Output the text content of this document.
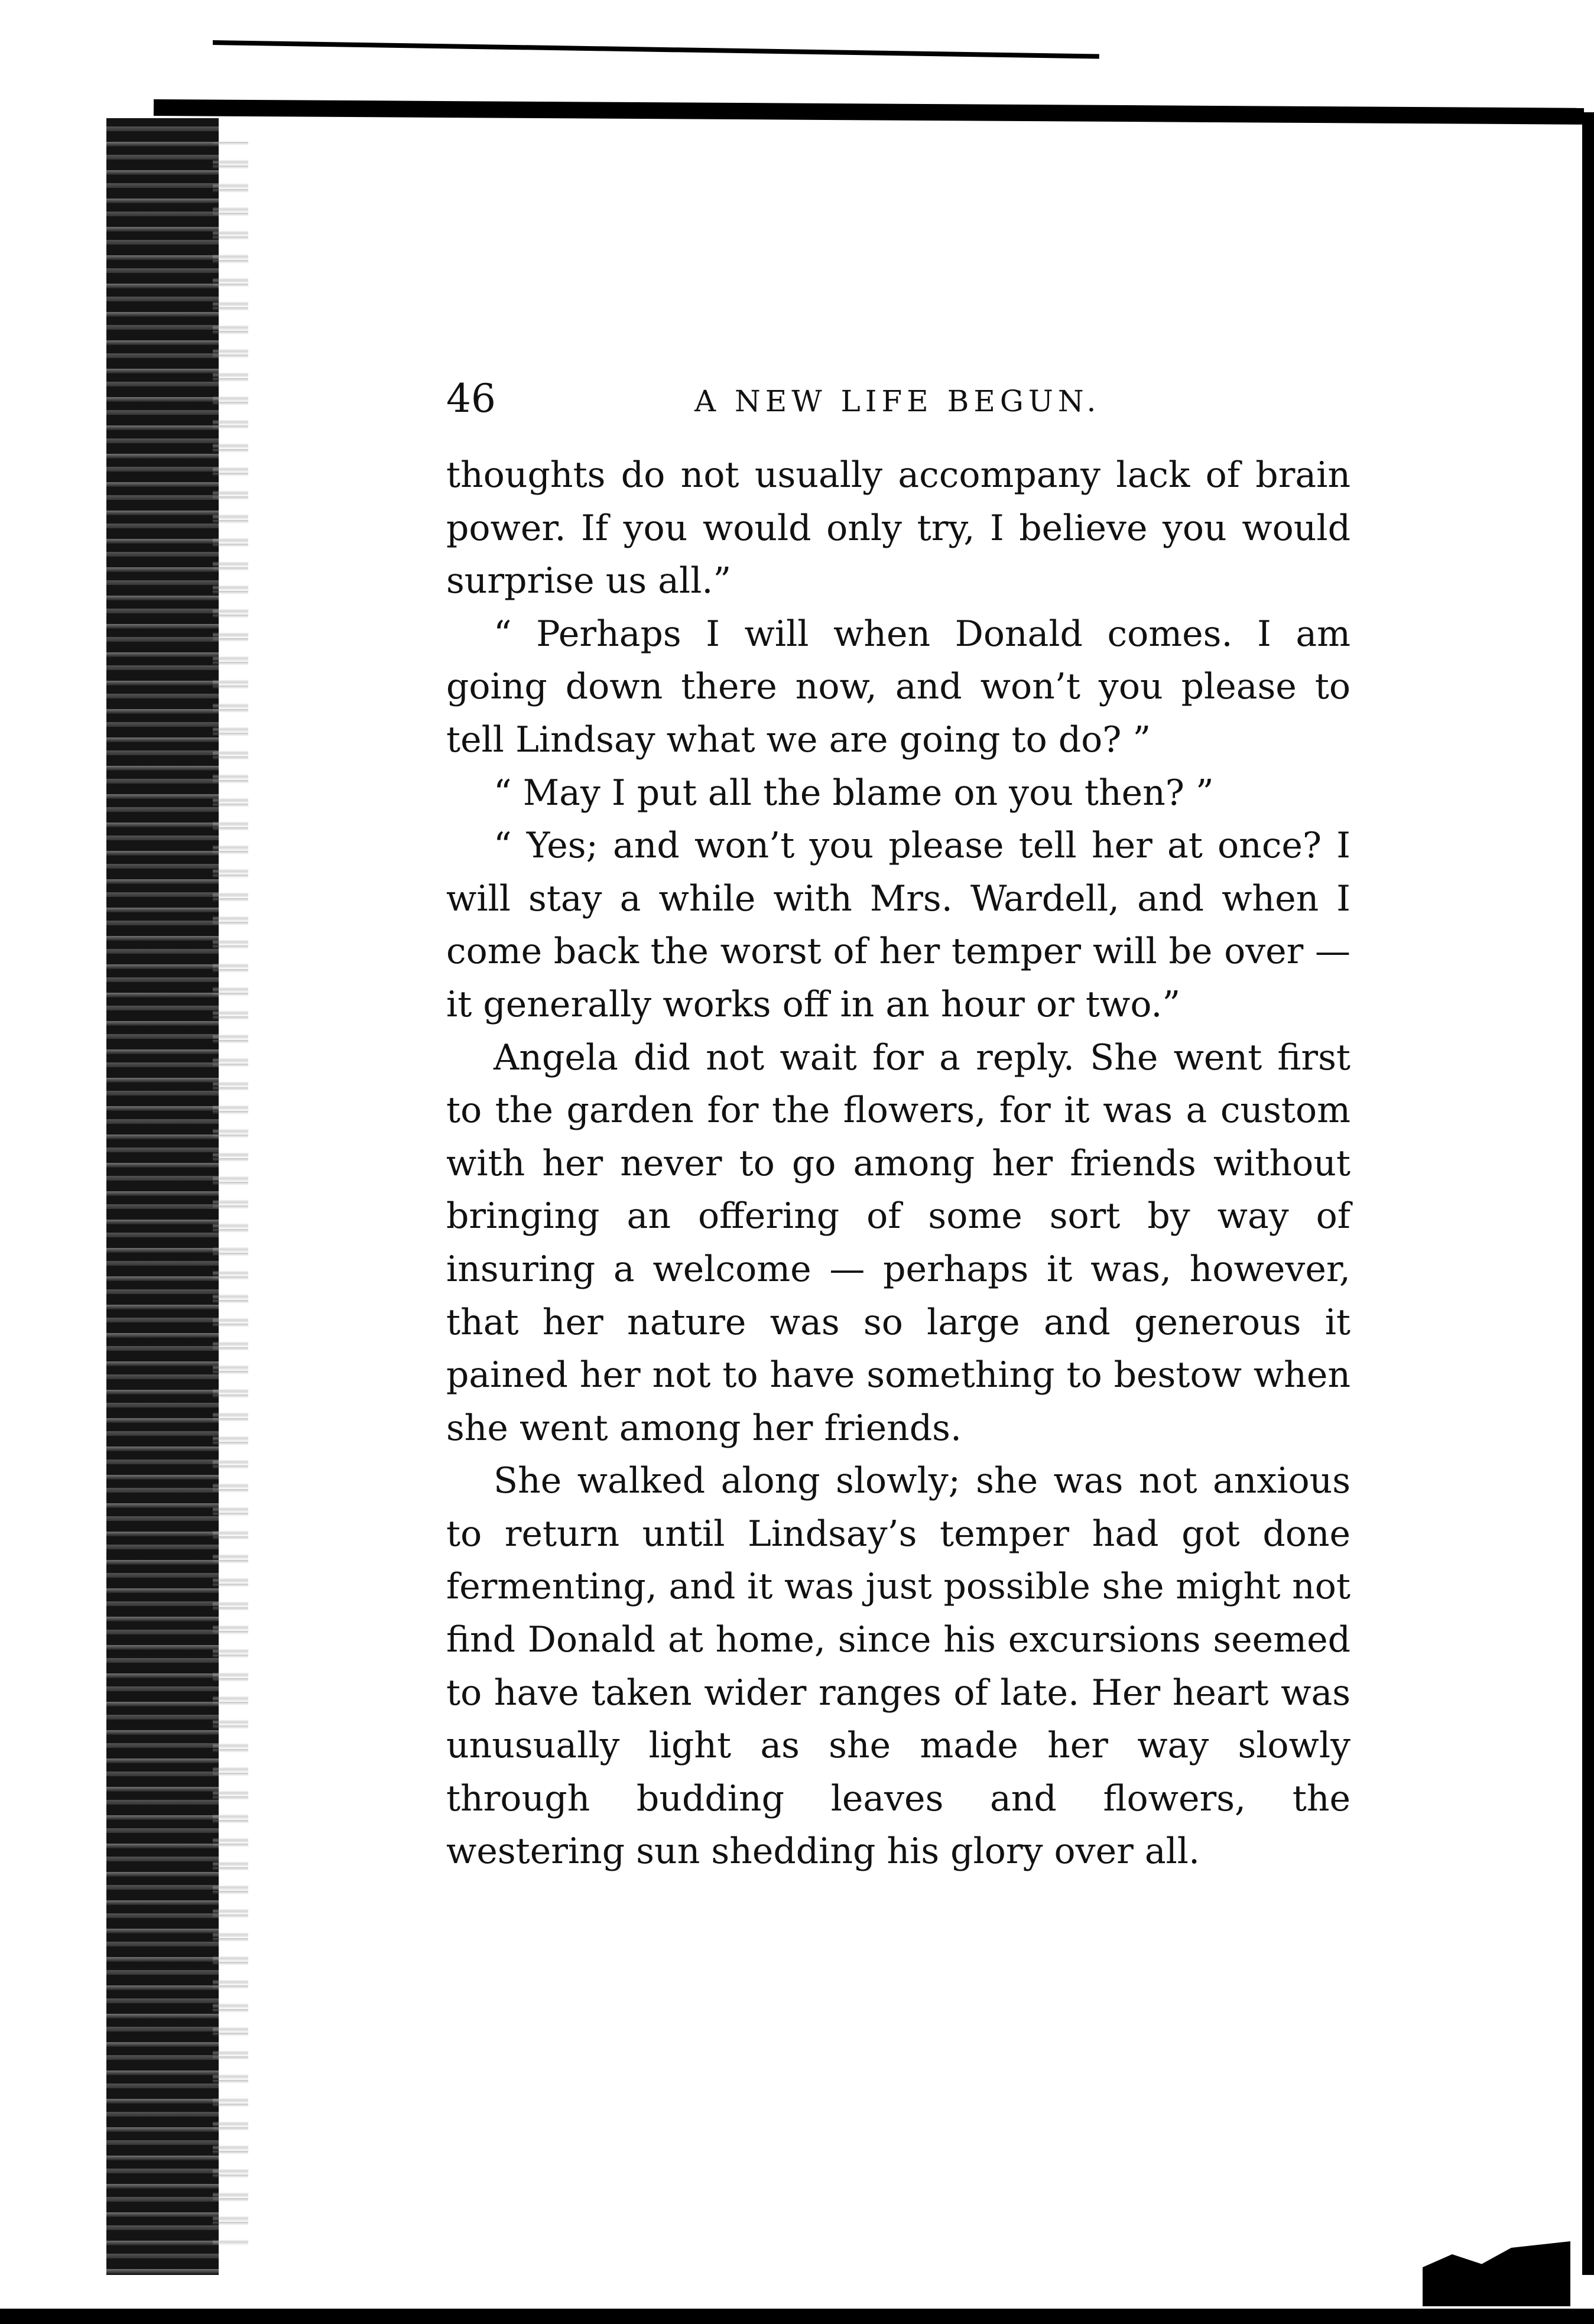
46	A NEW LIFE BEGUN.

thoughts do not usually accompany lack of brain power. If you would only try, I believe you would surprise us all.”

“ Perhaps I will when Donald comes. I am going down there now, and won’t you please to tell Lindsay what we are going to do? ”

“ May I put all the blame on you then? ”

“ Yes; and won’t you please tell her at once? I will stay a while with Mrs. Wardell, and when I come back the worst of her temper will be over — it generally works off in an hour or two.”

Angela did not wait for a reply. She went first to the garden for the flowers, for it was a custom with her never to go among her friends without bringing an offering of some sort by way of insuring a welcome — perhaps it was, however, that her nature was so large and generous it pained her not to have something to bestow when she went among her friends.

She walked along slowly; she was not anxious to return until Lindsay’s temper had got done fermenting, and it was just possible she might not find Donald at home, since his excursions seemed to have taken wider ranges of late. Her heart was unusually light as she made her way slowly through budding leaves and flowers, the westering sun shedding his glory over all.
